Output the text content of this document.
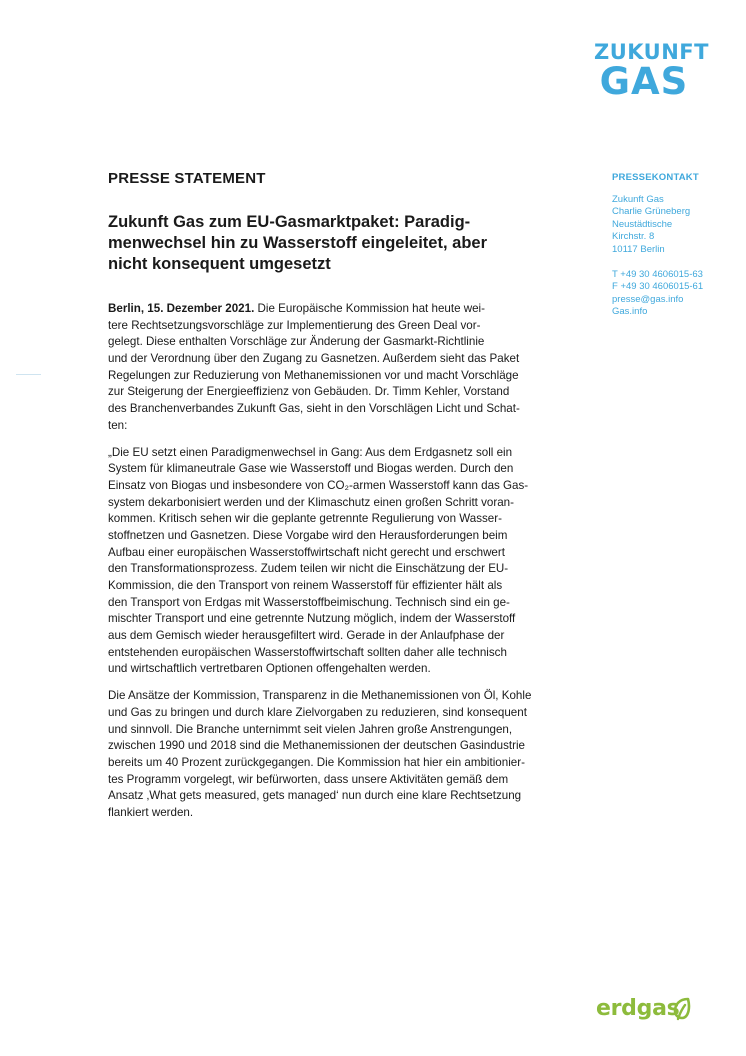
ZUKUNFT
GAS
PRESSE STATEMENT
Zukunft Gas zum EU-Gasmarktpaket: Paradig-
menwechsel hin zu Wasserstoff eingeleitet, aber
nicht konsequent umgesetzt
PRESSEKONTAKT
Zukunft Gas
Charlie Grüneberg
Neustädtische
Kirchstr. 8
10117 Berlin
T +49 30 4606015-63
F +49 30 4606015-61
presse@gas.info
Gas.info
Berlin, 15. Dezember 2021. Die Europäische Kommission hat heute wei-
tere Rechtsetzungsvorschläge zur Implementierung des Green Deal vor-
gelegt. Diese enthalten Vorschläge zur Änderung der Gasmarkt-Richtlinie
und der Verordnung über den Zugang zu Gasnetzen. Außerdem sieht das Paket
Regelungen zur Reduzierung von Methanemissionen vor und macht Vorschläge
zur Steigerung der Energieeffizienz von Gebäuden. Dr. Timm Kehler, Vorstand
des Branchenverbandes Zukunft Gas, sieht in den Vorschlägen Licht und Schat-
ten:
„Die EU setzt einen Paradigmenwechsel in Gang: Aus dem Erdgasnetz soll ein
System für klimaneutrale Gase wie Wasserstoff und Biogas werden. Durch den
Einsatz von Biogas und insbesondere von CO₂-armen Wasserstoff kann das Gas-
system dekarbonisiert werden und der Klimaschutz einen großen Schritt voran-
kommen. Kritisch sehen wir die geplante getrennte Regulierung von Wasser-
stoffnetzen und Gasnetzen. Diese Vorgabe wird den Herausforderungen beim
Aufbau einer europäischen Wasserstoffwirtschaft nicht gerecht und erschwert
den Transformationsprozess. Zudem teilen wir nicht die Einschätzung der EU-
Kommission, die den Transport von reinem Wasserstoff für effizienter hält als
den Transport von Erdgas mit Wasserstoffbeimischung. Technisch sind ein ge-
mischter Transport und eine getrennte Nutzung möglich, indem der Wasserstoff
aus dem Gemisch wieder herausgefiltert wird. Gerade in der Anlaufphase der
entstehenden europäischen Wasserstoffwirtschaft sollten daher alle technisch
und wirtschaftlich vertretbaren Optionen offengehalten werden.
Die Ansätze der Kommission, Transparenz in die Methanemissionen von Öl, Kohle
und Gas zu bringen und durch klare Zielvorgaben zu reduzieren, sind konsequent
und sinnvoll. Die Branche unternimmt seit vielen Jahren große Anstrengungen,
zwischen 1990 und 2018 sind die Methanemissionen der deutschen Gasindustrie
bereits um 40 Prozent zurückgegangen. Die Kommission hat hier ein ambitionier-
tes Programm vorgelegt, wir befürworten, dass unsere Aktivitäten gemäß dem
Ansatz ‚What gets measured, gets managed‘ nun durch eine klare Rechtsetzung
flankiert werden.
erdgas
